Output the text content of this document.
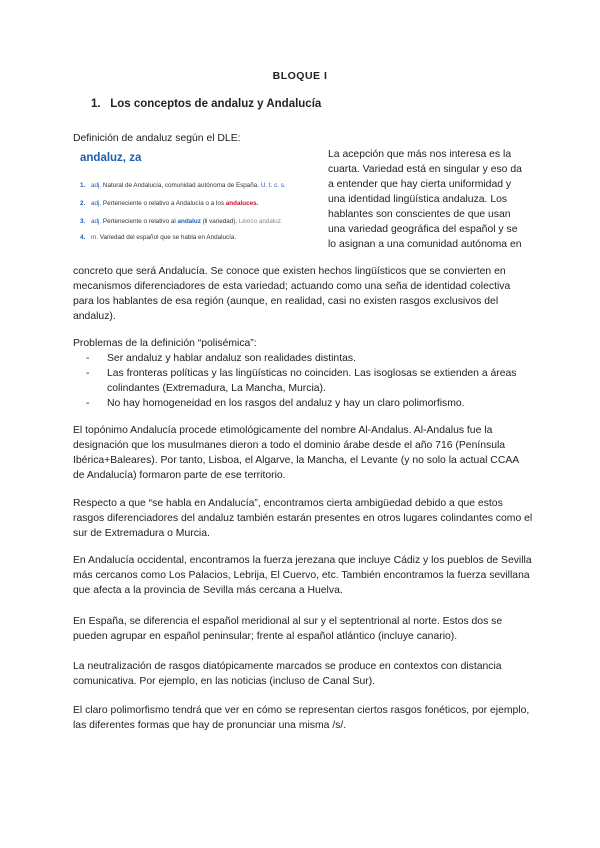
BLOQUE I
1. Los conceptos de andaluz y Andalucía

Definición de andaluz según el DLE:

andaluz, za
1. adj. Natural de Andalucía, comunidad autónoma de España. U. t. c. s.
2. adj. Perteneciente o relativo a Andalucía o a los andaluces.
3. adj. Perteneciente o relativo al andaluz (‖ variedad). Léxico andaluz.
4. m. Variedad del español que se habla en Andalucía.

La acepción que más nos interesa es la cuarta. Variedad está en singular y eso da a entender que hay cierta uniformidad y una identidad lingüística andaluza. Los hablantes son conscientes de que usan una variedad geográfica del español y se lo asignan a una comunidad autónoma en

concreto que será Andalucía. Se conoce que existen hechos lingüísticos que se convierten en mecanismos diferenciadores de esta variedad; actuando como una seña de identidad colectiva para los hablantes de esa región (aunque, en realidad, casi no existen rasgos exclusivos del andaluz).

Problemas de la definición “polisémica”:

- Ser andaluz y hablar andaluz son realidades distintas.
- Las fronteras políticas y las lingüísticas no coinciden. Las isoglosas se extienden a áreas colindantes (Extremadura, La Mancha, Murcia).
- No hay homogeneidad en los rasgos del andaluz y hay un claro polimorfismo.

El topónimo Andalucía procede etimológicamente del nombre Al-Andalus. Al-Andalus fue la designación que los musulmanes dieron a todo el dominio árabe desde el año 716 (Península Ibérica+Baleares). Por tanto, Lisboa, el Algarve, la Mancha, el Levante (y no solo la actual CCAA de Andalucía) formaron parte de ese territorio.

Respecto a que “se habla en Andalucía”, encontramos cierta ambigüedad debido a que estos rasgos diferenciadores del andaluz también estarán presentes en otros lugares colindantes como el sur de Extremadura o Murcia.

En Andalucía occidental, encontramos la fuerza jerezana que incluye Cádiz y los pueblos de Sevilla más cercanos como Los Palacios, Lebrija, El Cuervo, etc. También encontramos la fuerza sevillana que afecta a la provincia de Sevilla más cercana a Huelva.

En España, se diferencia el español meridional al sur y el septentrional al norte. Estos dos se pueden agrupar en español peninsular; frente al español atlántico (incluye canario).

La neutralización de rasgos diatópicamente marcados se produce en contextos con distancia comunicativa. Por ejemplo, en las noticias (incluso de Canal Sur).

El claro polimorfismo tendrá que ver en cómo se representan ciertos rasgos fonéticos, por ejemplo, las diferentes formas que hay de pronunciar una misma /s/.
